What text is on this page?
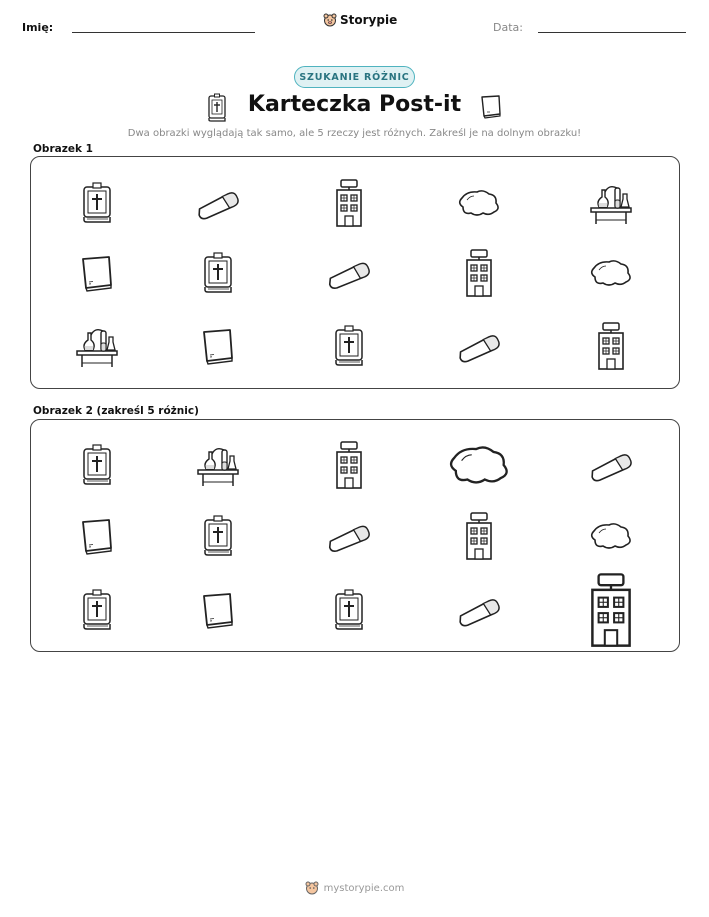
Imię:
Storypie
Data:
SZUKANIE RÓŻNIC
Karteczka Post-it
Dwa obrazki wyglądają tak samo, ale 5 rzeczy jest różnych. Zakreśl je na dolnym obrazku!
Obrazek 1
Obrazek 2 (zakreśl 5 różnic)
mystorypie.com
